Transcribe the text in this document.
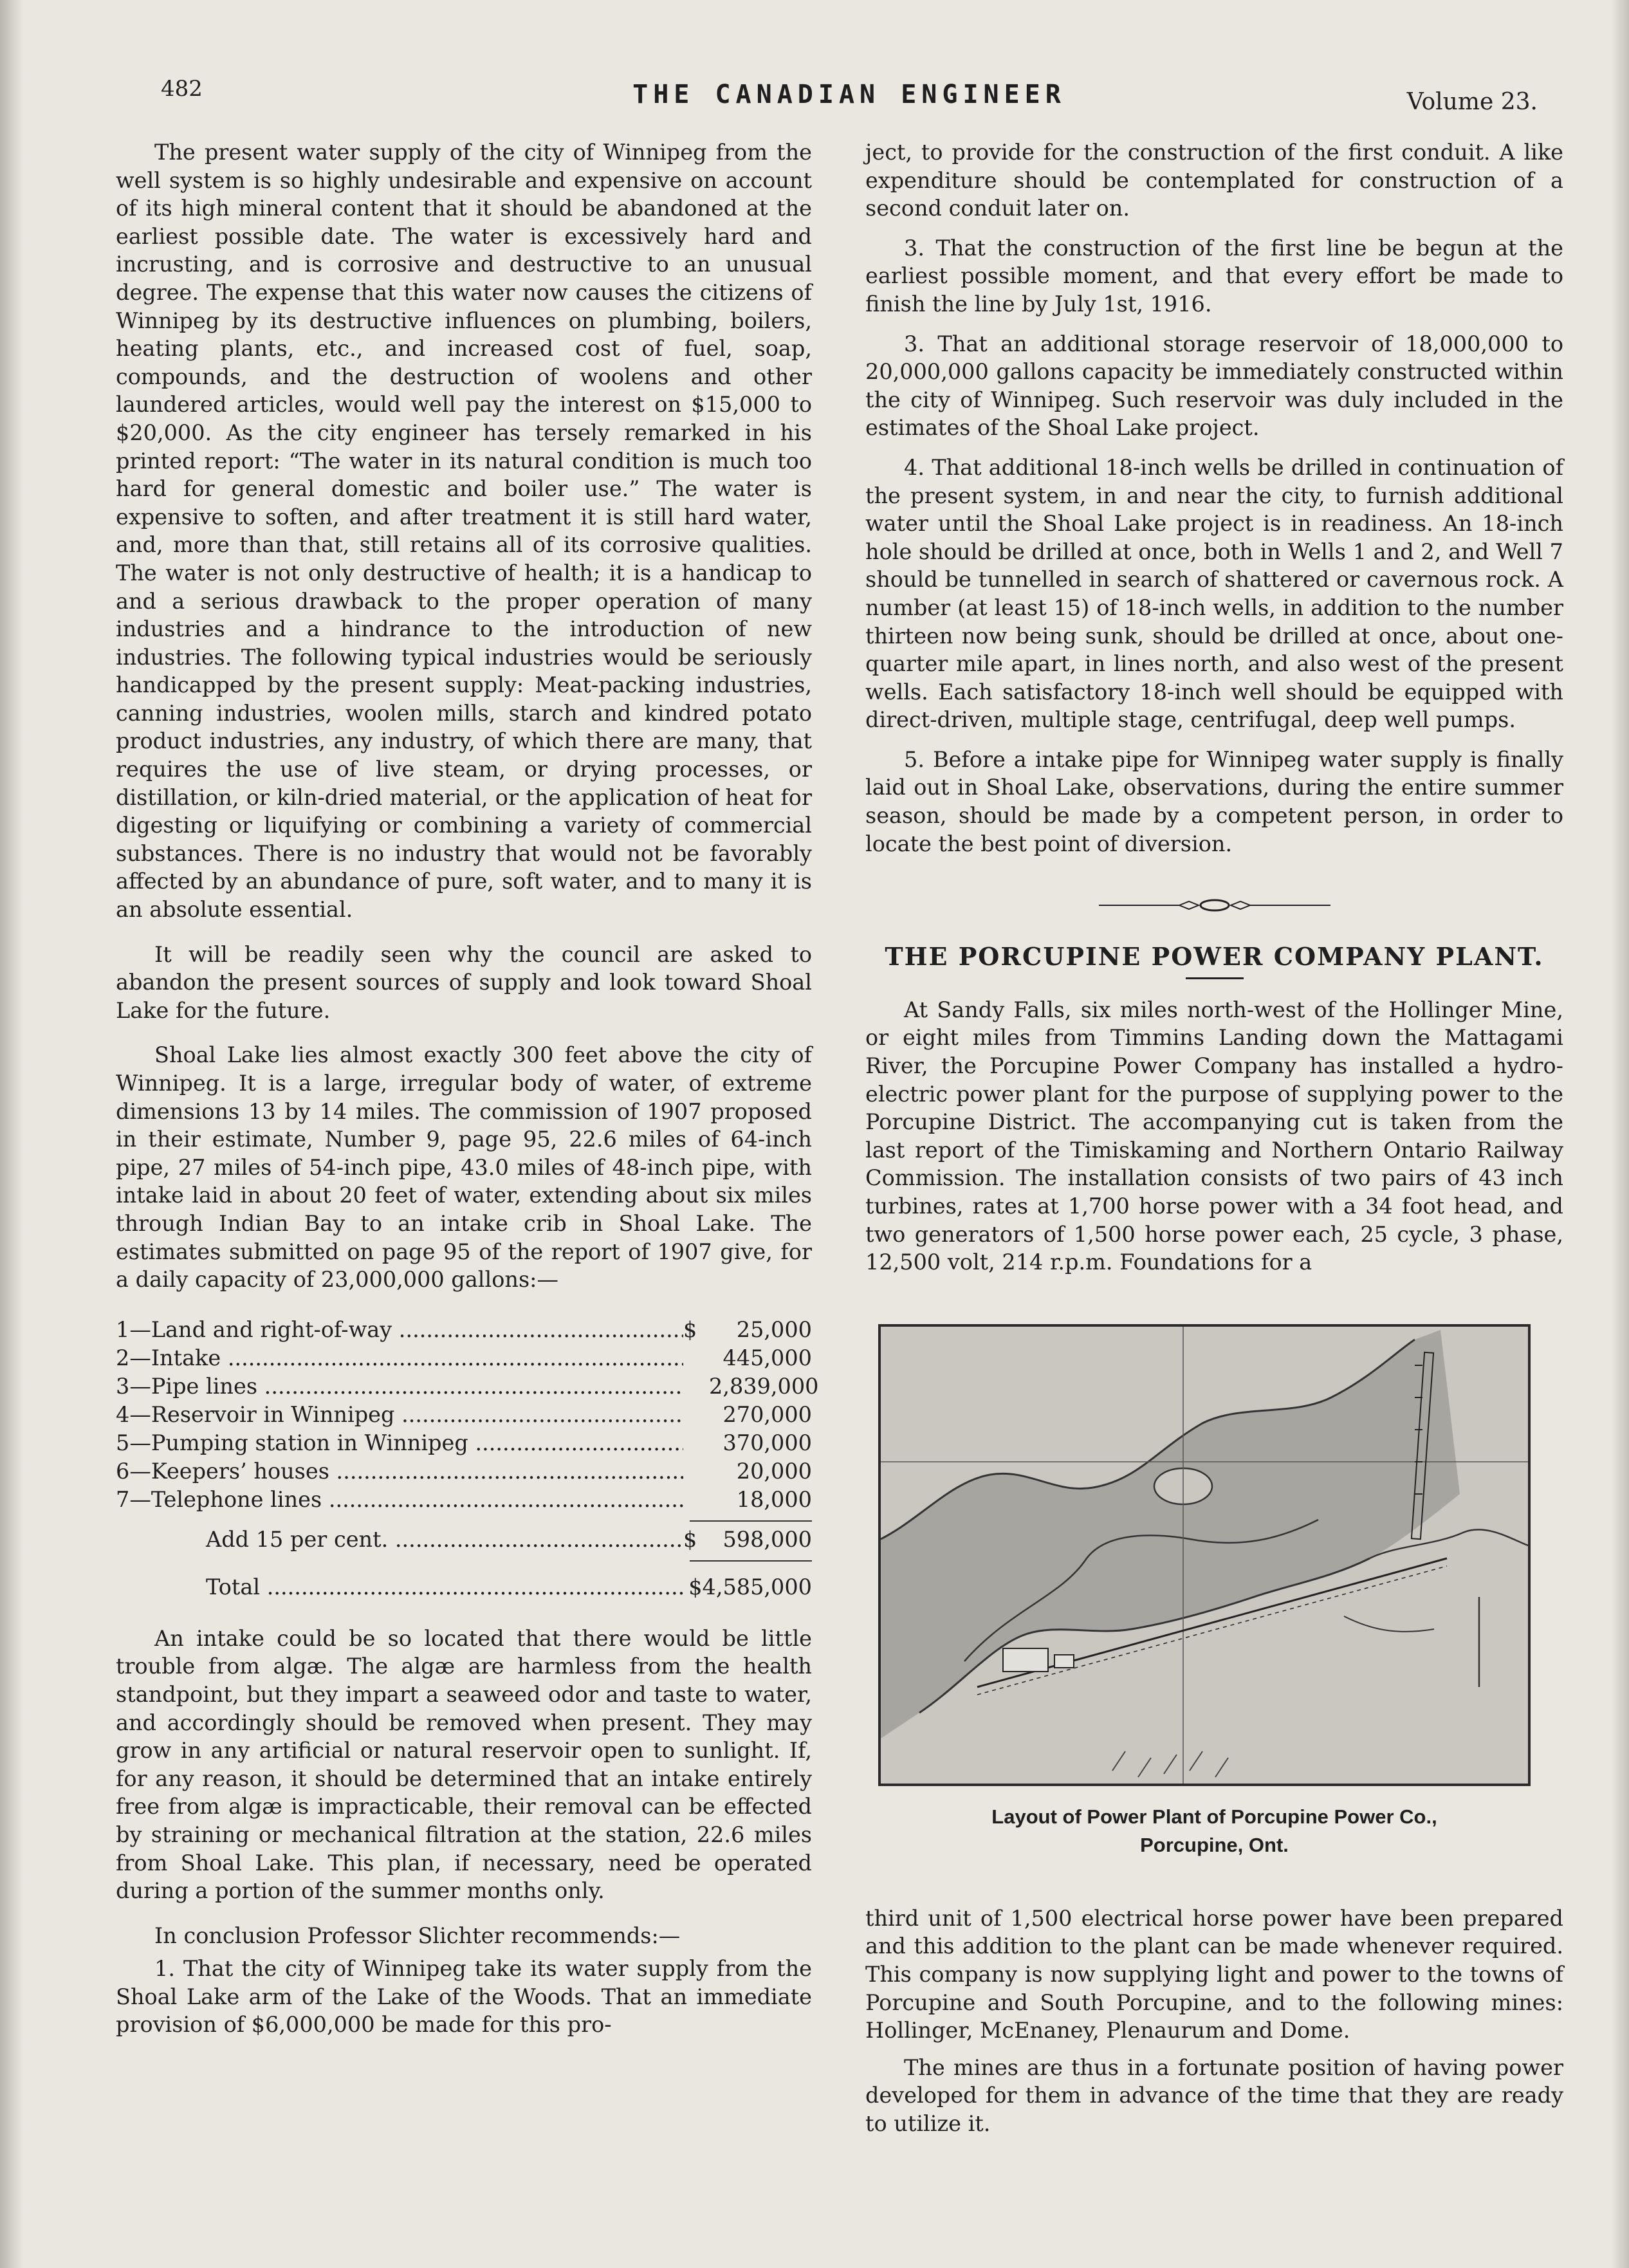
482	THE CANADIAN ENGINEER	Volume 23.

The present water supply of the city of Winnipeg from the well system is so highly undesirable and expensive on account of its high mineral content that it should be abandoned at the earliest possible date. The water is excessively hard and incrusting, and is corrosive and destructive to an unusual degree. The expense that this water now causes the citizens of Winnipeg by its destructive influences on plumbing, boilers, heating plants, etc., and increased cost of fuel, soap, compounds, and the destruction of woolens and other laundered articles, would well pay the interest on $15,000 to $20,000. As the city engineer has tersely remarked in his printed report: “The water in its natural condition is much too hard for general domestic and boiler use.” The water is expensive to soften, and after treatment it is still hard water, and, more than that, still retains all of its corrosive qualities. The water is not only destructive of health; it is a handicap to and a serious drawback to the proper operation of many industries and a hindrance to the introduction of new industries. The following typical industries would be seriously handicapped by the present supply: Meat-packing industries, canning industries, woolen mills, starch and kindred potato product industries, any industry, of which there are many, that requires the use of live steam, or drying processes, or distillation, or kiln-dried material, or the application of heat for digesting or liquifying or combining a variety of commercial substances. There is no industry that would not be favorably affected by an abundance of pure, soft water, and to many it is an absolute essential.

It will be readily seen why the council are asked to abandon the present sources of supply and look toward Shoal Lake for the future.

Shoal Lake lies almost exactly 300 feet above the city of Winnipeg. It is a large, irregular body of water, of extreme dimensions 13 by 14 miles. The commission of 1907 proposed in their estimate, Number 9, page 95, 22.6 miles of 64-inch pipe, 27 miles of 54-inch pipe, 43.0 miles of 48-inch pipe, with intake laid in about 20 feet of water, extending about six miles through Indian Bay to an intake crib in Shoal Lake. The estimates submitted on page 95 of the report of 1907 give, for a daily capacity of 23,000,000 gallons:—

1—Land and right-of-way .....	$	25,000
2—Intake .....	445,000
3—Pipe lines .....	2,839,000
4—Reservoir in Winnipeg .....	270,000
5—Pumping station in Winnipeg .....	370,000
6—Keepers’ houses .....	20,000
7—Telephone lines .....	18,000
Add 15 per cent. .....	$	598,000
Total .....	$4,585,000

An intake could be so located that there would be little trouble from algæ. The algæ are harmless from the health standpoint, but they impart a seaweed odor and taste to water, and accordingly should be removed when present. They may grow in any artificial or natural reservoir open to sunlight. If, for any reason, it should be determined that an intake entirely free from algæ is impracticable, their removal can be effected by straining or mechanical filtration at the station, 22.6 miles from Shoal Lake. This plan, if necessary, need be operated during a portion of the summer months only.

In conclusion Professor Slichter recommends:—

1. That the city of Winnipeg take its water supply from the Shoal Lake arm of the Lake of the Woods. That an immediate provision of $6,000,000 be made for this pro-

ject, to provide for the construction of the first conduit. A like expenditure should be contemplated for construction of a second conduit later on.

3. That the construction of the first line be begun at the earliest possible moment, and that every effort be made to finish the line by July 1st, 1916.

3. That an additional storage reservoir of 18,000,000 to 20,000,000 gallons capacity be immediately constructed within the city of Winnipeg. Such reservoir was duly included in the estimates of the Shoal Lake project.

4. That additional 18-inch wells be drilled in continuation of the present system, in and near the city, to furnish additional water until the Shoal Lake project is in readiness. An 18-inch hole should be drilled at once, both in Wells 1 and 2, and Well 7 should be tunnelled in search of shattered or cavernous rock. A number (at least 15) of 18-inch wells, in addition to the number thirteen now being sunk, should be drilled at once, about one-quarter mile apart, in lines north, and also west of the present wells. Each satisfactory 18-inch well should be equipped with direct-driven, multiple stage, centrifugal, deep well pumps.

5. Before a intake pipe for Winnipeg water supply is finally laid out in Shoal Lake, observations, during the entire summer season, should be made by a competent person, in order to locate the best point of diversion.

THE PORCUPINE POWER COMPANY PLANT.

At Sandy Falls, six miles north-west of the Hollinger Mine, or eight miles from Timmins Landing down the Mattagami River, the Porcupine Power Company has installed a hydro-electric power plant for the purpose of supplying power to the Porcupine District. The accompanying cut is taken from the last report of the Timiskaming and Northern Ontario Railway Commission. The installation consists of two pairs of 43 inch turbines, rates at 1,700 horse power with a 34 foot head, and two generators of 1,500 horse power each, 25 cycle, 3 phase, 12,500 volt, 214 r.p.m. Foundations for a

Layout of Power Plant of Porcupine Power Co.,
Porcupine, Ont.

third unit of 1,500 electrical horse power have been prepared and this addition to the plant can be made whenever required. This company is now supplying light and power to the towns of Porcupine and South Porcupine, and to the following mines: Hollinger, McEnaney, Plenaurum and Dome.

The mines are thus in a fortunate position of having power developed for them in advance of the time that they are ready to utilize it.
